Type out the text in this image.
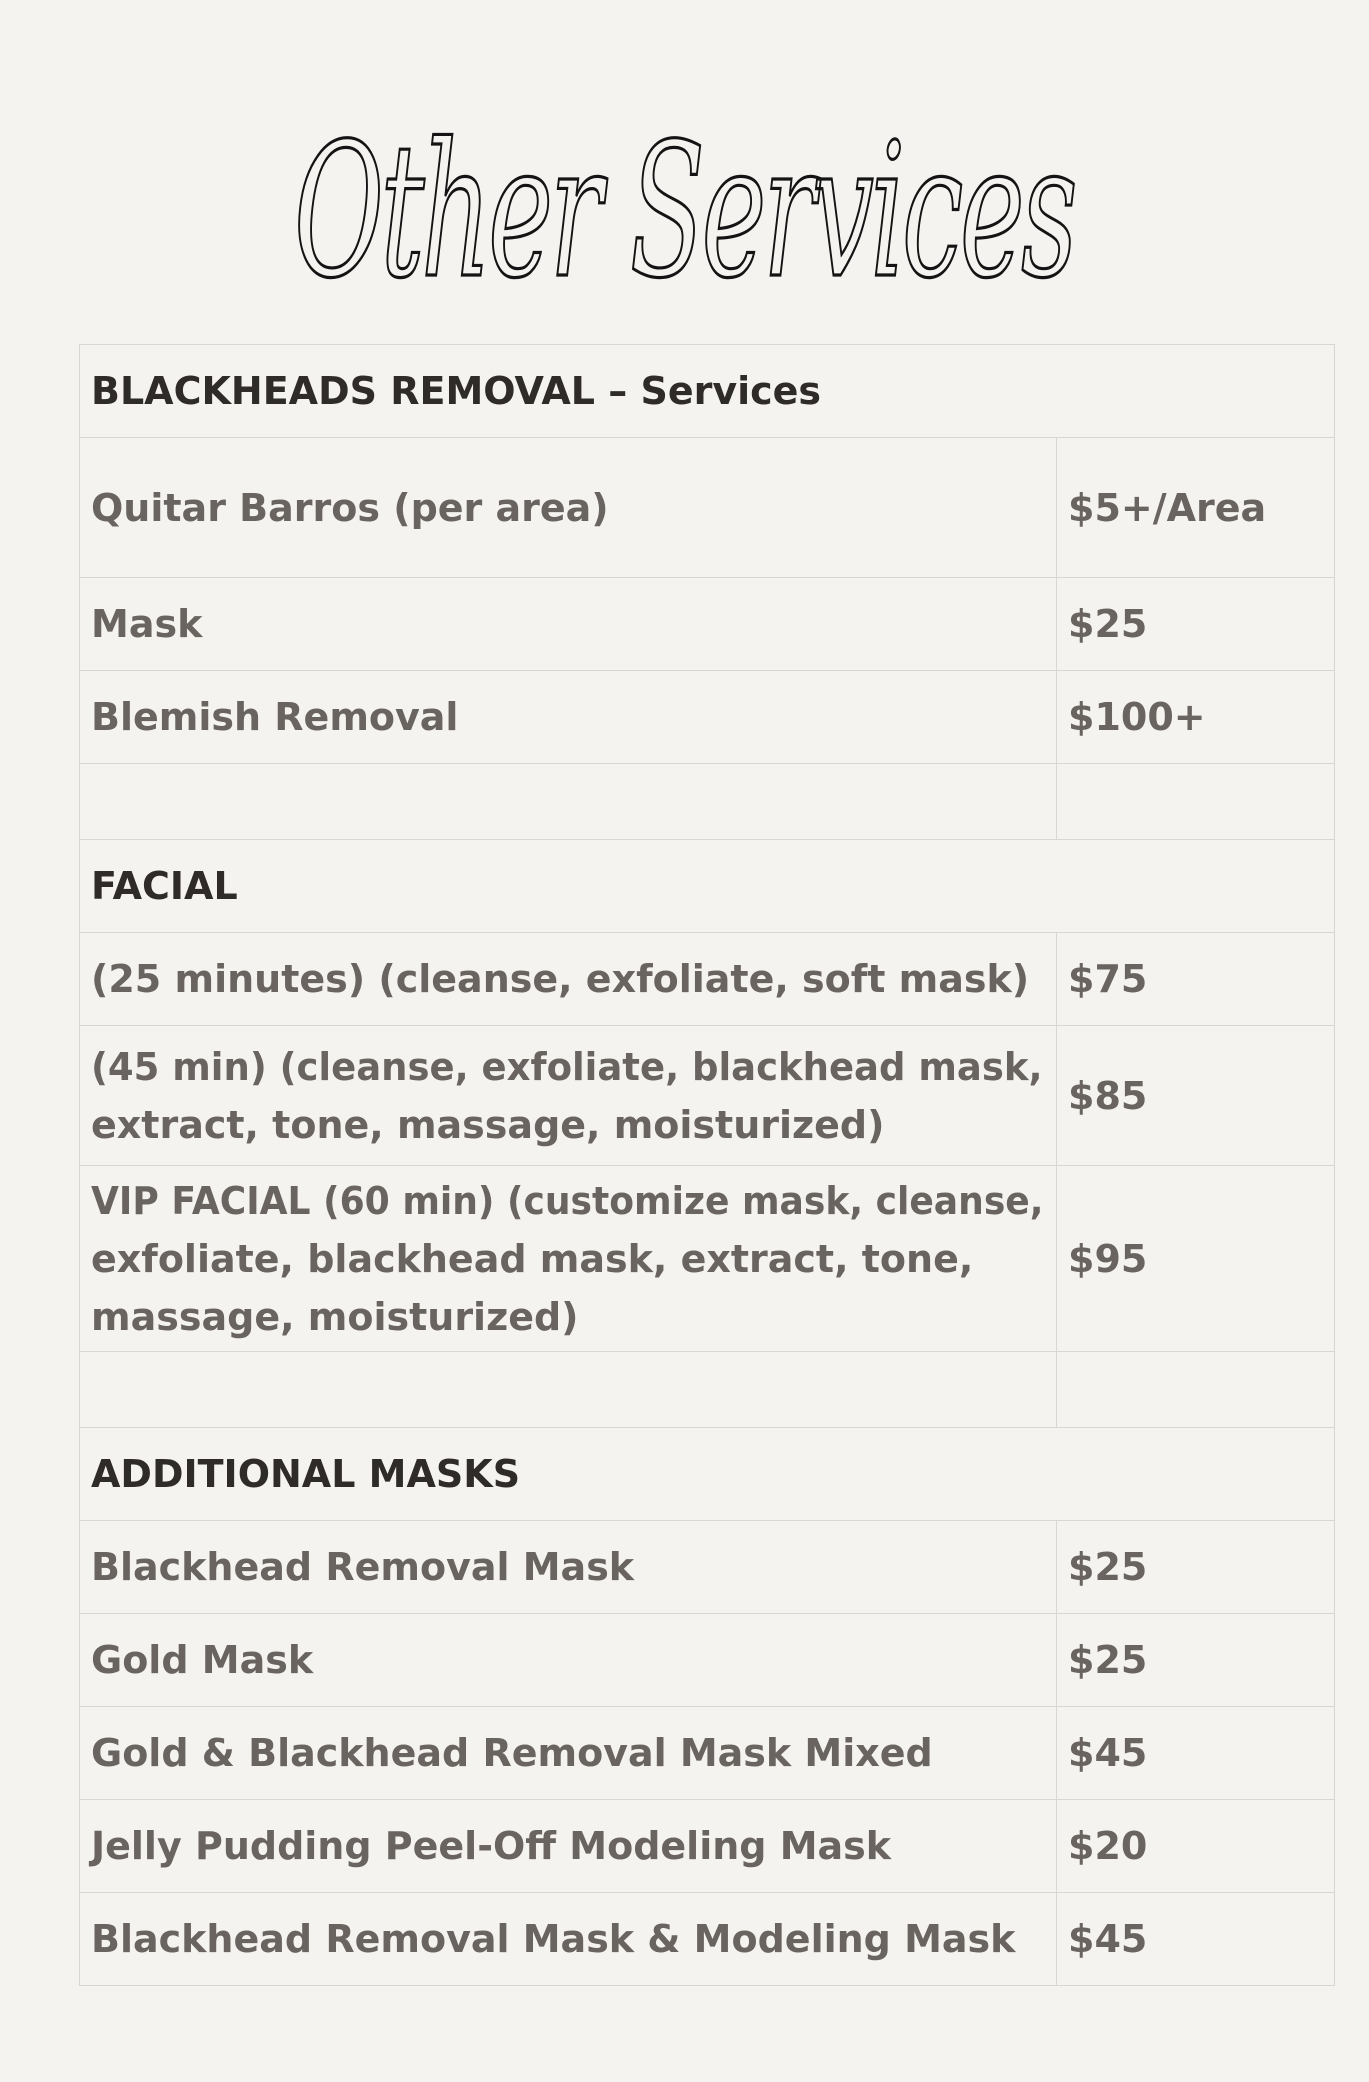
Other Services
BLACKHEADS REMOVAL – Services	
Quitar Barros (per area)	$5+/Area
Mask	$25
Blemish Removal	$100+

FACIAL	
(25 minutes) (cleanse, exfoliate, soft mask)	$75
(45 min) (cleanse, exfoliate, blackhead mask,
extract, tone, massage, moisturized)	$85
VIP FACIAL (60 min) (customize mask, cleanse,
exfoliate, blackhead mask, extract, tone,
massage, moisturized)	$95

ADDITIONAL MASKS	
Blackhead Removal Mask	$25
Gold Mask	$25
Gold & Blackhead Removal Mask Mixed	$45
Jelly Pudding Peel-Off Modeling Mask	$20
Blackhead Removal Mask & Modeling Mask	$45
